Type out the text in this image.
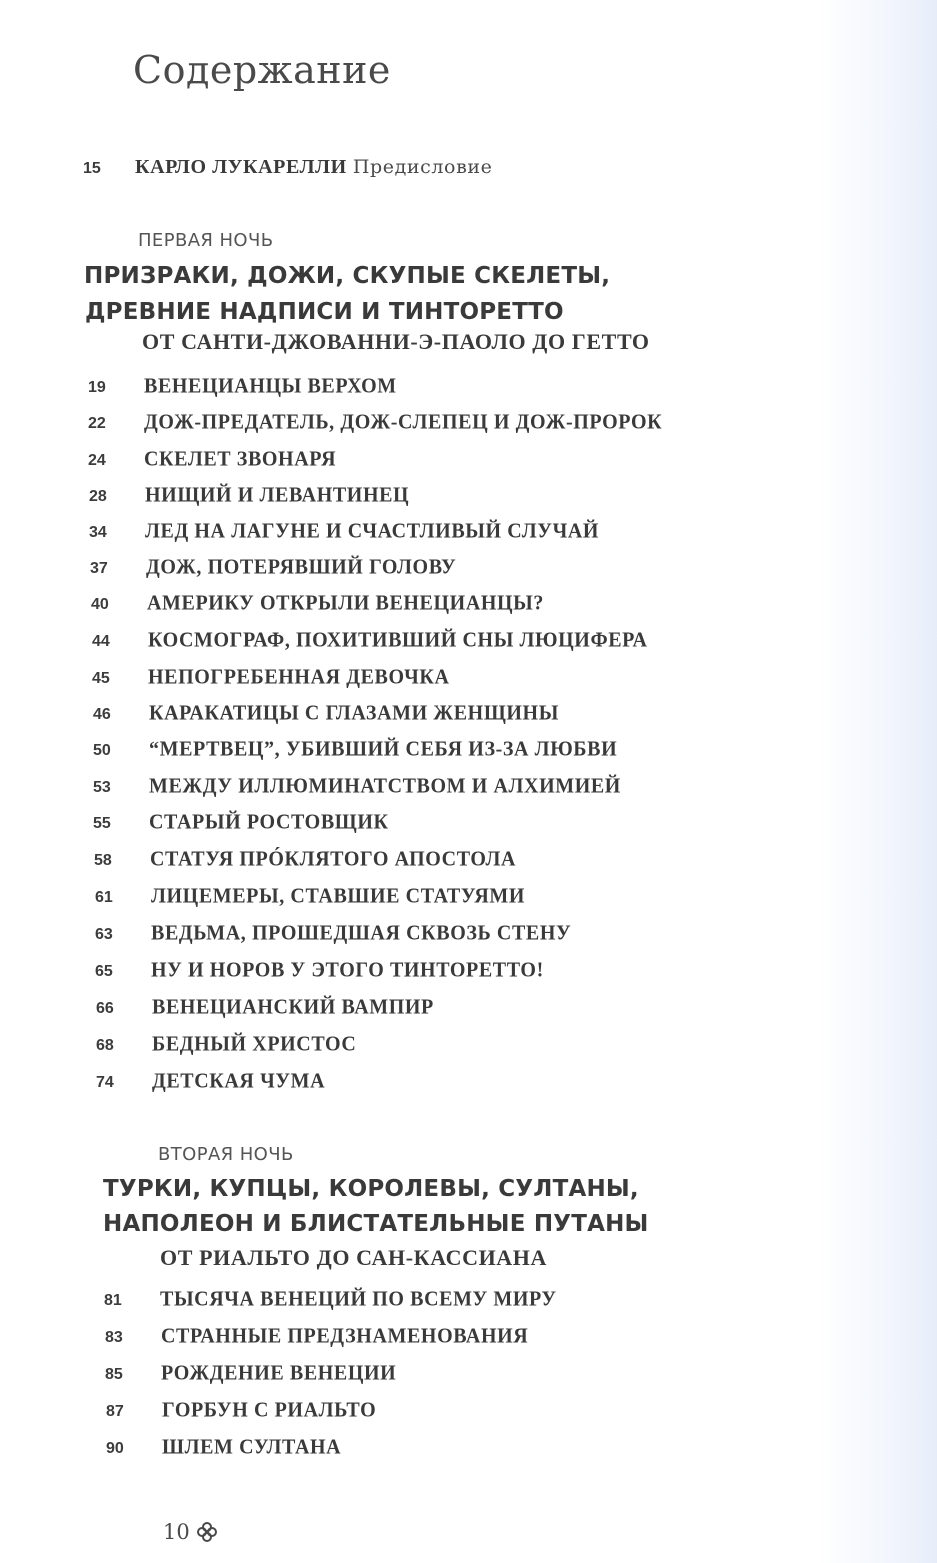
Содержание
15	КАРЛО ЛУКАРЕЛЛИ Предисловие
ПЕРВАЯ НОЧЬ
ПРИЗРАКИ, ДОЖИ, СКУПЫЕ СКЕЛЕТЫ,
ДРЕВНИЕ НАДПИСИ И ТИНТОРЕТТО
ОТ САНТИ-ДЖОВАННИ-Э-ПАОЛО ДО ГЕТТО
19	ВЕНЕЦИАНЦЫ ВЕРХОМ
22	ДОЖ-ПРЕДАТЕЛЬ, ДОЖ-СЛЕПЕЦ И ДОЖ-ПРОРОК
24	СКЕЛЕТ ЗВОНАРЯ
28	НИЩИЙ И ЛЕВАНТИНЕЦ
34	ЛЕД НА ЛАГУНЕ И СЧАСТЛИВЫЙ СЛУЧАЙ
37	ДОЖ, ПОТЕРЯВШИЙ ГОЛОВУ
40	АМЕРИКУ ОТКРЫЛИ ВЕНЕЦИАНЦЫ?
44	КОСМОГРАФ, ПОХИТИВШИЙ СНЫ ЛЮЦИФЕРА
45	НЕПОГРЕБЕННАЯ ДЕВОЧКА
46	КАРАКАТИЦЫ С ГЛАЗАМИ ЖЕНЩИНЫ
50	“МЕРТВЕЦ”, УБИВШИЙ СЕБЯ ИЗ-ЗА ЛЮБВИ
53	МЕЖДУ ИЛЛЮМИНАТСТВОМ И АЛХИМИЕЙ
55	СТАРЫЙ РОСТОВЩИК
58	СТАТУЯ ПРÓКЛЯТОГО АПОСТОЛА
61	ЛИЦЕМЕРЫ, СТАВШИЕ СТАТУЯМИ
63	ВЕДЬМА, ПРОШЕДШАЯ СКВОЗЬ СТЕНУ
65	НУ И НОРОВ У ЭТОГО ТИНТОРЕТТО!
66	ВЕНЕЦИАНСКИЙ ВАМПИР
68	БЕДНЫЙ ХРИСТОС
74	ДЕТСКАЯ ЧУМА
ВТОРАЯ НОЧЬ
ТУРКИ, КУПЦЫ, КОРОЛЕВЫ, СУЛТАНЫ,
НАПОЛЕОН И БЛИСТАТЕЛЬНЫЕ ПУТАНЫ
ОТ РИАЛЬТО ДО САН-КАССИАНА
81	ТЫСЯЧА ВЕНЕЦИЙ ПО ВСЕМУ МИРУ
83	СТРАННЫЕ ПРЕДЗНАМЕНОВАНИЯ
85	РОЖДЕНИЕ ВЕНЕЦИИ
87	ГОРБУН С РИАЛЬТО
90	ШЛЕМ СУЛТАНА
10
